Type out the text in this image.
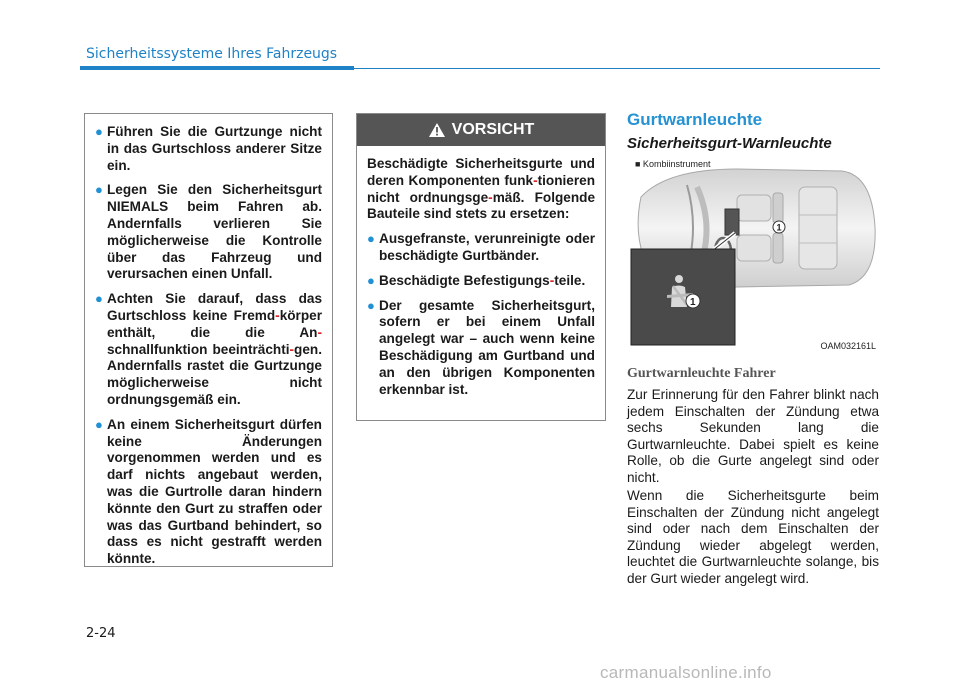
Sicherheitssysteme Ihres Fahrzeugs
● Führen Sie die Gurtzunge nicht in das Gurtschloss anderer Sitze ein.
● Legen Sie den Sicherheitsgurt NIEMALS beim Fahren ab. Andernfalls verlieren Sie möglicherweise die Kontrolle über das Fahrzeug und verursachen einen Unfall.
● Achten Sie darauf, dass das Gurtschloss keine Fremd-körper enthält, die die An-schnallfunktion beeinträchti-gen. Andernfalls rastet die Gurtzunge möglicherweise nicht ordnungsgemäß ein.
● An einem Sicherheitsgurt dürfen keine Änderungen vorgenommen werden und es darf nichts angebaut werden, was die Gurtrolle daran hindern könnte den Gurt zu straffen oder was das Gurtband behindert, so dass es nicht gestrafft werden könnte.
VORSICHT

Beschädigte Sicherheitsgurte und deren Komponenten funk-tionieren nicht ordnungsge-mäß. Folgende Bauteile sind stets zu ersetzen:

● Ausgefranste, verunreinigte oder beschädigte Gurtbänder.
● Beschädigte Befestigungs-teile.
● Der gesamte Sicherheitsgurt, sofern er bei einem Unfall angelegt war – auch wenn keine Beschädigung am Gurtband und an den übrigen Komponenten erkennbar ist.
Gurtwarnleuchte
Sicherheitsgurt-Warnleuchte
1
1
■ Kombiinstrument
OAM032161L
Gurtwarnleuchte Fahrer

Zur Erinnerung für den Fahrer blinkt nach jedem Einschalten der Zündung etwa sechs Sekunden lang die Gurtwarnleuchte. Dabei spielt es keine Rolle, ob die Gurte angelegt sind oder nicht.

Wenn die Sicherheitsgurte beim Einschalten der Zündung nicht angelegt sind oder nach dem Einschalten der Zündung wieder abgelegt werden, leuchtet die Gurtwarnleuchte solange, bis der Gurt wieder angelegt wird.

2-24
carmanualsonline.info
